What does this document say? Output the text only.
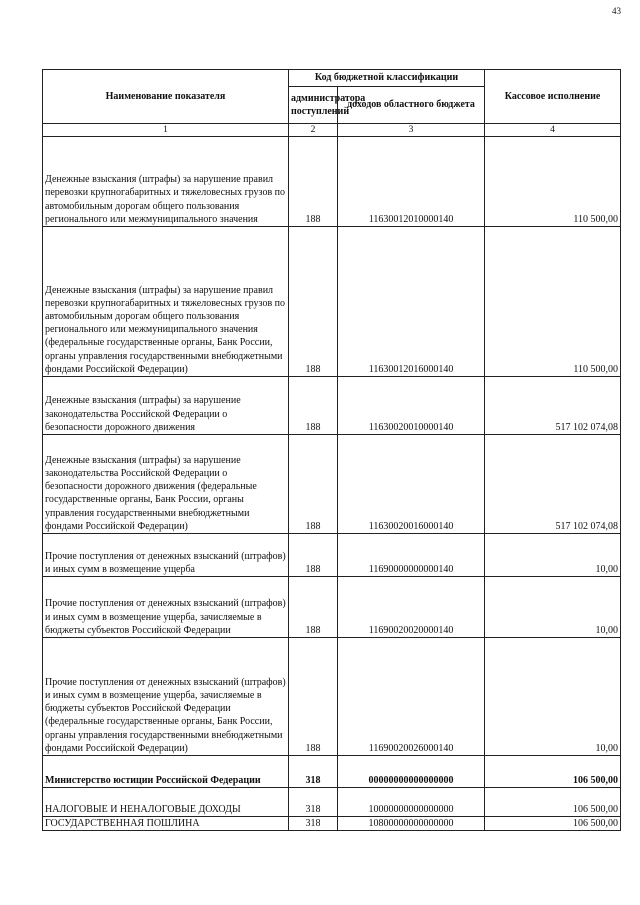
43
Наименование показателя	Код бюджетной классификации		Кассовое исполнение
	администратора поступлений	доходов областного бюджета	
1	2	3	4
Денежные взыскания (штрафы) за нарушение правил перевозки крупногабаритных и тяжеловесных грузов по автомобильным дорогам общего пользования регионального или межмуниципального значения	188	11630012010000140	110 500,00
Денежные взыскания (штрафы) за нарушение правил перевозки крупногабаритных и тяжеловесных грузов по автомобильным дорогам общего пользования регионального или межмуниципального значения (федеральные государственные органы, Банк России, органы управления государственными внебюджетными фондами Российской Федерации)	188	11630012016000140	110 500,00
Денежные взыскания (штрафы) за нарушение законодательства Российской Федерации о безопасности дорожного движения	188	11630020010000140	517 102 074,08
Денежные взыскания (штрафы) за нарушение законодательства Российской Федерации о безопасности дорожного движения (федеральные государственные органы, Банк России, органы управления государственными внебюджетными фондами Российской Федерации)	188	11630020016000140	517 102 074,08
Прочие поступления от денежных взысканий (штрафов) и иных сумм в возмещение ущерба	188	11690000000000140	10,00
Прочие поступления от денежных взысканий (штрафов) и иных сумм в возмещение ущерба, зачисляемые в бюджеты субъектов Российской Федерации	188	11690020020000140	10,00
Прочие поступления от денежных взысканий (штрафов) и иных сумм в возмещение ущерба, зачисляемые в бюджеты субъектов Российской Федерации (федеральные государственные органы, Банк России, органы управления государственными внебюджетными фондами Российской Федерации)	188	11690020026000140	10,00
Министерство юстиции Российской Федерации	318	00000000000000000	106 500,00
НАЛОГОВЫЕ И НЕНАЛОГОВЫЕ ДОХОДЫ	318	10000000000000000	106 500,00
ГОСУДАРСТВЕННАЯ ПОШЛИНА	318	10800000000000000	106 500,00
